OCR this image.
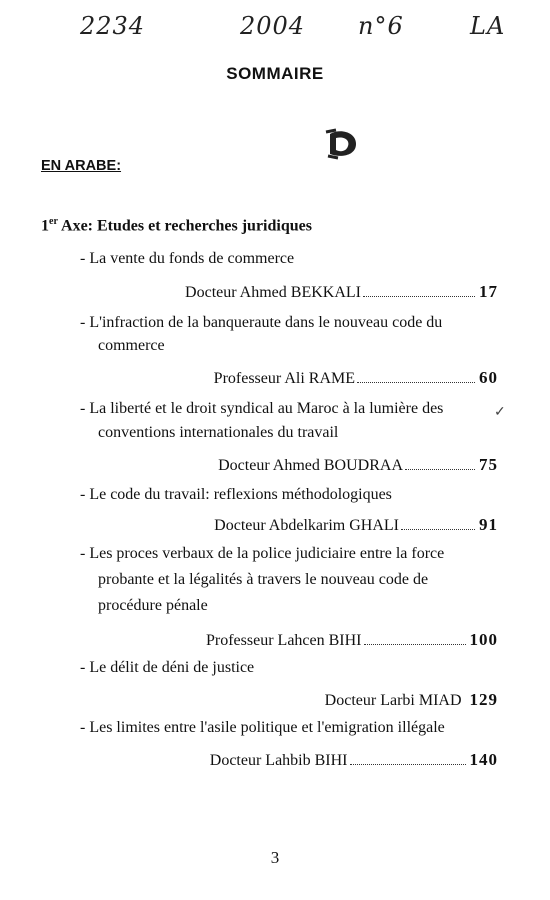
2234	2004 n°6	LA
SOMMAIRE
EN ARABE:
1er Axe: Etudes et recherches juridiques
- La vente du fonds de commerce
Docteur Ahmed BEKKALI	17
- L'infraction de la banqueraute dans le nouveau code du
commerce
Professeur Ali RAME	60
- La liberté et le droit syndical au Maroc à la lumière des	✓
conventions internationales du travail
Docteur Ahmed BOUDRAA	75
- Le code du travail: reflexions méthodologiques
Docteur Abdelkarim GHALI	91
- Les proces verbaux de la police judiciaire entre la force
probante et la légalités à travers le nouveau code de
procédure pénale
Professeur Lahcen BIHI	100
- Le délit de déni de justice
Docteur Larbi MIAD 129
- Les limites entre l'asile politique et l'emigration illégale
Docteur Lahbib BIHI	140
3
